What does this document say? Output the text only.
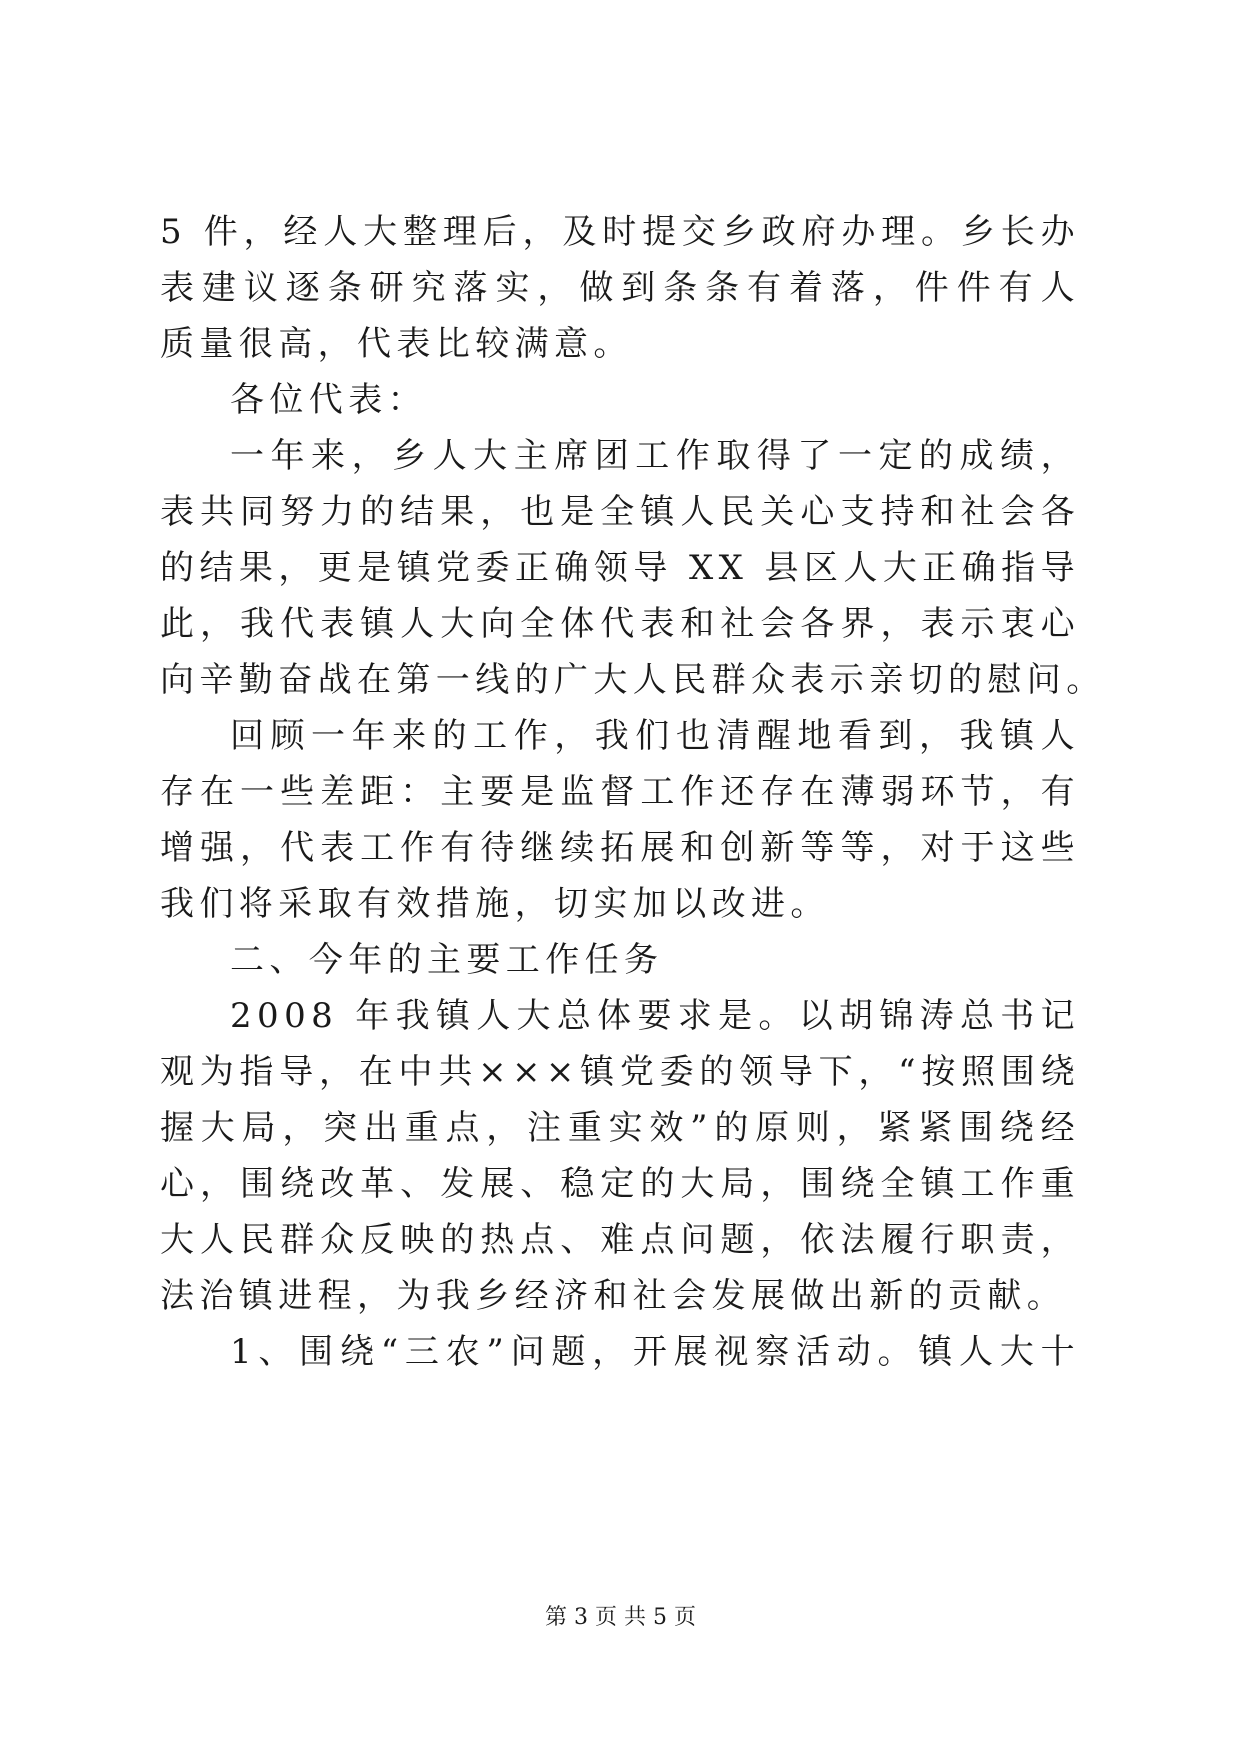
5 件，经人大整理后，及时提交乡政府办理。乡长办
表建议逐条研究落实，做到条条有着落，件件有人
质量很高，代表比较满意。
各位代表：
一年来，乡人大主席团工作取得了一定的成绩，
表共同努力的结果，也是全镇人民关心支持和社会各
的结果，更是镇党委正确领导 XX 县区人大正确指导
此，我代表镇人大向全体代表和社会各界，表示衷心
向辛勤奋战在第一线的广大人民群众表示亲切的慰问。
回顾一年来的工作，我们也清醒地看到，我镇人
存在一些差距：主要是监督工作还存在薄弱环节，有
增强，代表工作有待继续拓展和创新等等，对于这些
我们将采取有效措施，切实加以改进。
二、今年的主要工作任务
2008 年我镇人大总体要求是。以胡锦涛总书记
观为指导，在中共×××镇党委的领导下，“按照围绕
握大局，突出重点，注重实效”的原则，紧紧围绕经
心，围绕改革、发展、稳定的大局，围绕全镇工作重
大人民群众反映的热点、难点问题，依法履行职责，
法治镇进程，为我乡经济和社会发展做出新的贡献。
1、围绕“三农”问题，开展视察活动。镇人大十
第 3 页 共 5 页
